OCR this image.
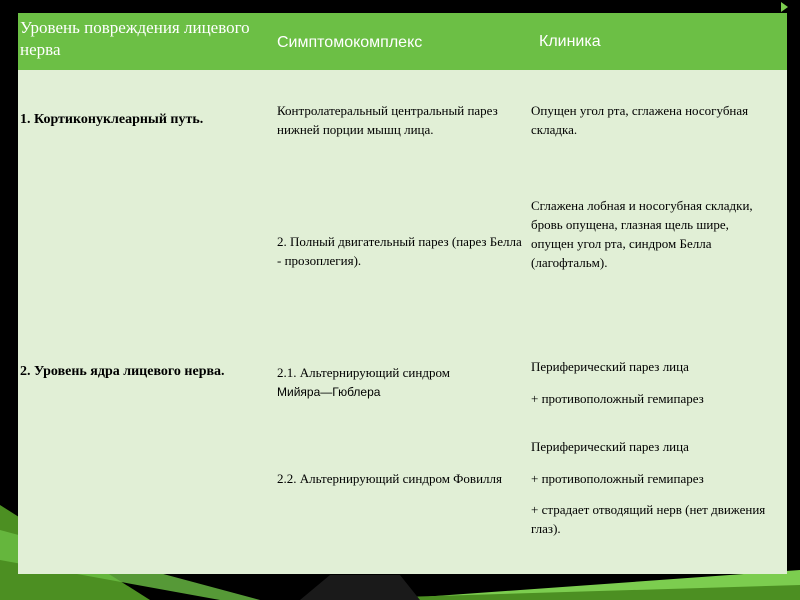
Уровень повреждения лицевого нерва	Симптомокомплекс	Клиника
1. Кортиконуклеарный путь.
2. Уровень ядра лицевого нерва.
Контролатеральный центральный парез нижней порции мышц лица.
2. Полный двигательный парез (парез Белла - прозоплегия).
2.1. Альтернирующий синдром
Мийяра—Гюблера
2.2. Альтернирующий синдром Фовилля
Опущен угол рта, сглажена носогубная складка.
Сглажена лобная и носогубная складки, бровь опущена, глазная щель шире, опущен угол рта, синдром Белла (лагофтальм).
Периферический парез лица
+ противоположный гемипарез
Периферический парез лица
+ противоположный гемипарез
+ страдает отводящий нерв (нет движения глаз).
